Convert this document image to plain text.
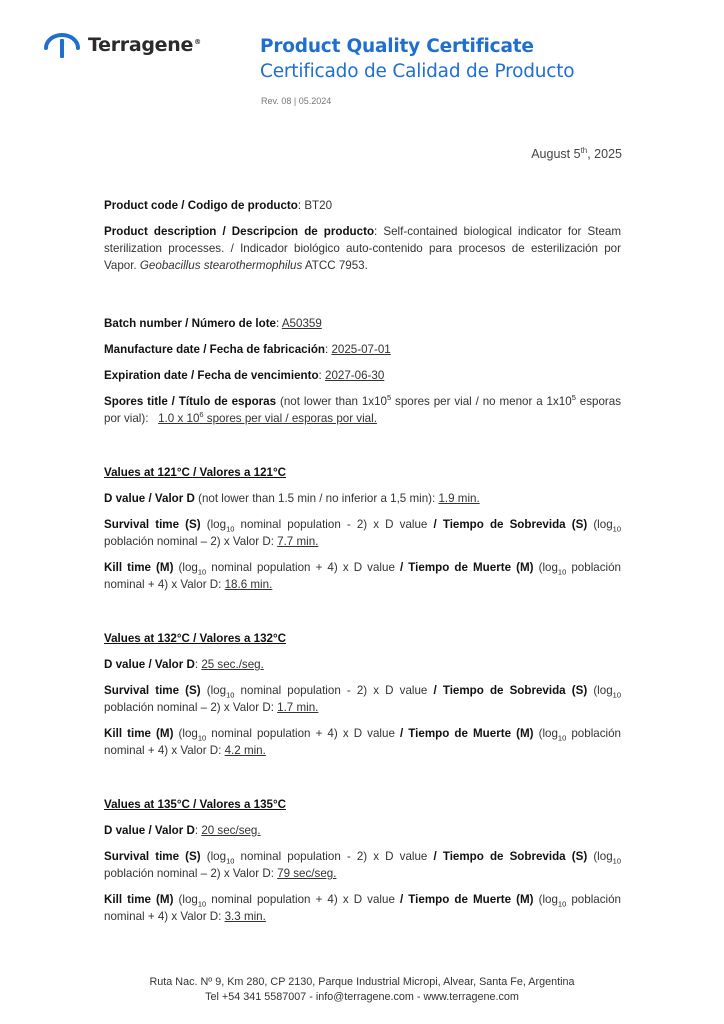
Terragene®	Product Quality Certificate
Certificado de Calidad de Producto
Rev. 08 | 05.2024
August 5th, 2025

Product code / Codigo de producto: BT20

Product description / Descripcion de producto: Self-contained biological indicator for Steam sterilization processes. / Indicador biológico auto-contenido para procesos de esterilización por Vapor. Geobacillus stearothermophilus ATCC 7953.

Batch number / Número de lote: A50359

Manufacture date / Fecha de fabricación: 2025-07-01

Expiration date / Fecha de vencimiento: 2027-06-30

Spores title / Título de esporas (not lower than $1x10^5$ spores per vial / no menor a $1x10^5$ esporas por vial): 1.0 x $10^6$ spores per vial / esporas por vial.

Values at 121°C / Valores a 121°C

D value / Valor D (not lower than 1.5 min / no inferior a 1,5 min): 1.9 min.

Survival time (S) ($\log_{10}$ nominal population - 2) x D value / Tiempo de Sobrevida (S) ($\log_{10}$ población nominal – 2) x Valor D: 7.7 min.

Kill time (M) ($\log_{10}$ nominal population + 4) x D value / Tiempo de Muerte (M) ($\log_{10}$ población nominal + 4) x Valor D: 18.6 min.

Values at 132°C / Valores a 132°C

D value / Valor D: 25 sec./seg.

Survival time (S) ($\log_{10}$ nominal population - 2) x D value / Tiempo de Sobrevida (S) ($\log_{10}$ población nominal – 2) x Valor D: 1.7 min.

Kill time (M) ($\log_{10}$ nominal population + 4) x D value / Tiempo de Muerte (M) ($\log_{10}$ población nominal + 4) x Valor D: 4.2 min.

Values at 135°C / Valores a 135°C

D value / Valor D: 20 sec/seg.

Survival time (S) ($\log_{10}$ nominal population - 2) x D value / Tiempo de Sobrevida (S) ($\log_{10}$ población nominal – 2) x Valor D: 79 sec/seg.

Kill time (M) ($\log_{10}$ nominal population + 4) x D value / Tiempo de Muerte (M) ($\log_{10}$ población nominal + 4) x Valor D: 3.3 min.

Ruta Nac. Nº 9, Km 280, CP 2130, Parque Industrial Micropi, Alvear, Santa Fe, Argentina
Tel +54 341 5587007 - info@terragene.com - www.terragene.com
